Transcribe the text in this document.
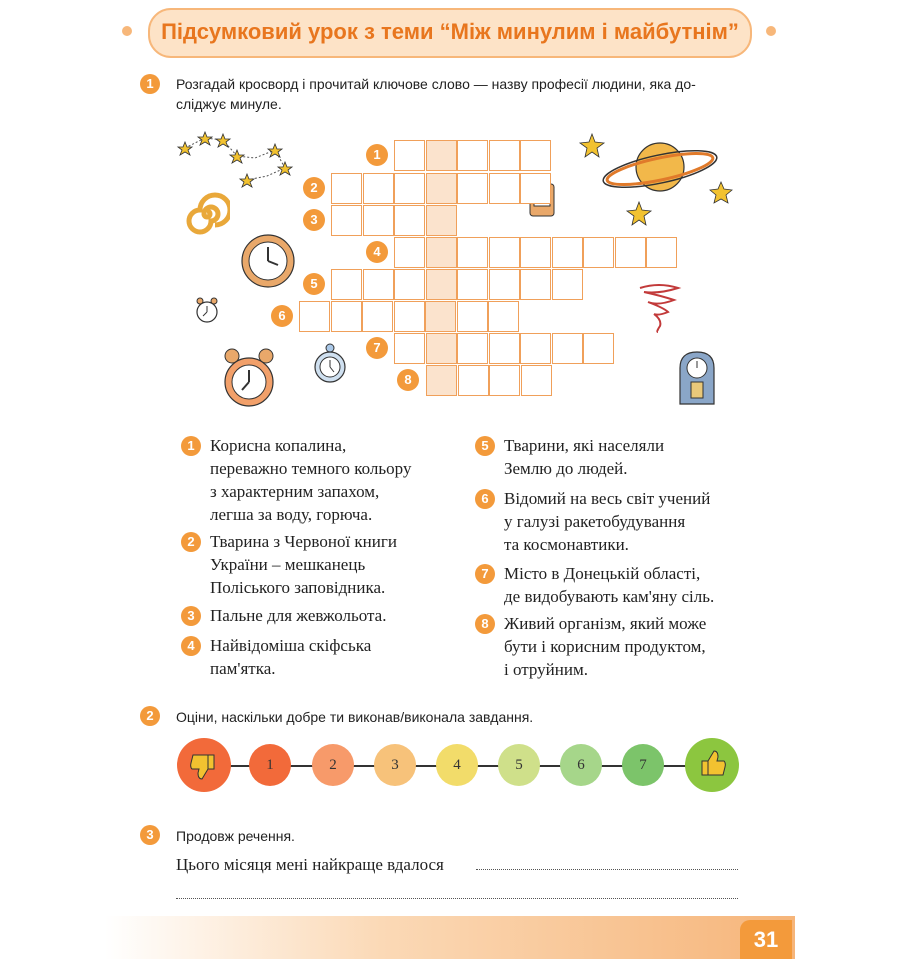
Підсумковий урок з теми “Між минулим і майбутнім”
1	Розгадай кросворд і прочитай ключове слово — назву професії людини, яка до-
сліджує минуле.
1
2
3
4
5
6
7
8
1 Корисна копалина,
переважно темного кольору
з характерним запахом,
легша за воду, горюча.
2 Тварина з Червоної книги
України – мешканець
Поліського заповідника.
3 Пальне для жевжольота.
4 Найвідоміша скіфська
пам'ятка.
5 Тварини, які населяли
Землю до людей.
6 Відомий на весь світ учений
у галузі ракетобудування
та космонавтики.
7 Місто в Донецькій області,
де видобувають кам'яну сіль.
8 Живий організм, який може
бути і корисним продуктом,
і отруйним.
2	Оціни, наскільки добре ти виконав/виконала завдання.
1	2	3	4	5	6	7
3	Продовж речення.
Цього місяця мені найкраще вдалося
31
